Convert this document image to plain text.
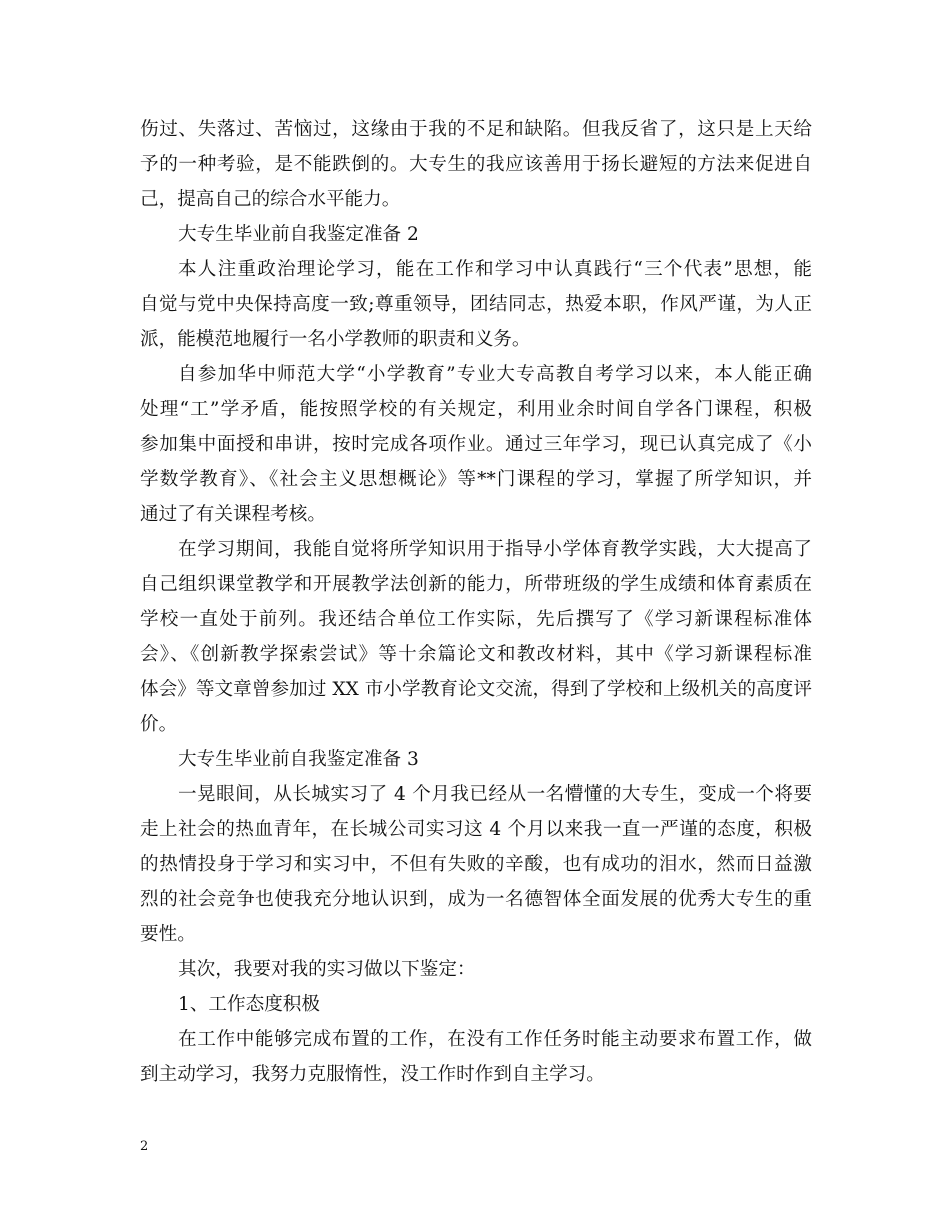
伤过、失落过、苦恼过，这缘由于我的不足和缺陷。但我反省了，这只是上天给
予的一种考验，是不能跌倒的。大专生的我应该善用于扬长避短的方法来促进自
己，提高自己的综合水平能力。
大专生毕业前自我鉴定准备 2
本人注重政治理论学习，能在工作和学习中认真践行“三个代表”思想，能
自觉与党中央保持高度一致;尊重领导，团结同志，热爱本职，作风严谨，为人正
派，能模范地履行一名小学教师的职责和义务。
自参加华中师范大学“小学教育”专业大专高教自考学习以来，本人能正确
处理“工”学矛盾，能按照学校的有关规定，利用业余时间自学各门课程，积极
参加集中面授和串讲，按时完成各项作业。通过三年学习，现已认真完成了《小
学数学教育》、《社会主义思想概论》等**门课程的学习，掌握了所学知识，并
通过了有关课程考核。
在学习期间，我能自觉将所学知识用于指导小学体育教学实践，大大提高了
自己组织课堂教学和开展教学法创新的能力，所带班级的学生成绩和体育素质在
学校一直处于前列。我还结合单位工作实际，先后撰写了《学习新课程标准体
会》、《创新教学探索尝试》等十余篇论文和教改材料，其中《学习新课程标准
体会》等文章曾参加过 XX 市小学教育论文交流，得到了学校和上级机关的高度评
价。
大专生毕业前自我鉴定准备 3
一晃眼间，从长城实习了 4 个月我已经从一名懵懂的大专生，变成一个将要
走上社会的热血青年，在长城公司实习这 4 个月以来我一直一严谨的态度，积极
的热情投身于学习和实习中，不但有失败的辛酸，也有成功的泪水，然而日益激
烈的社会竞争也使我充分地认识到，成为一名德智体全面发展的优秀大专生的重
要性。
其次，我要对我的实习做以下鉴定：
1、工作态度积极
在工作中能够完成布置的工作，在没有工作任务时能主动要求布置工作，做
到主动学习，我努力克服惰性，没工作时作到自主学习。
2
